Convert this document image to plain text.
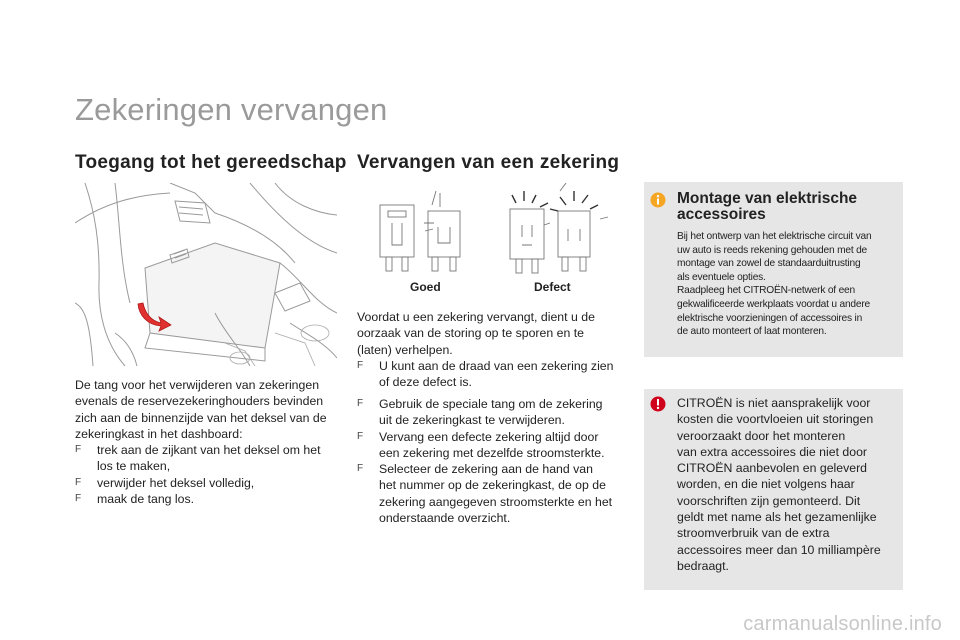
Zekeringen vervangen
Toegang tot het gereedschap
De tang voor het verwijderen van zekeringen
evenals de reservezekeringhouders bevinden
zich aan de binnenzijde van het deksel van de
zekeringkast in het dashboard:
F trek aan de zijkant van het deksel om het
los te maken,
F verwijder het deksel volledig,
F maak de tang los.
Vervangen van een zekering
Goed	Defect
Voordat u een zekering vervangt, dient u de
oorzaak van de storing op te sporen en te
(laten) verhelpen.
F U kunt aan de draad van een zekering zien
of deze defect is.
F Gebruik de speciale tang om de zekering
uit de zekeringkast te verwijderen.
F Vervang een defecte zekering altijd door
een zekering met dezelfde stroomsterkte.
F Selecteer de zekering aan de hand van
het nummer op de zekeringkast, de op de
zekering aangegeven stroomsterkte en het
onderstaande overzicht.
Montage van elektrische
accessoires
Bij het ontwerp van het elektrische circuit van
uw auto is reeds rekening gehouden met de
montage van zowel de standaarduitrusting
als eventuele opties.
Raadpleeg het CITROËN-netwerk of een
gekwalificeerde werkplaats voordat u andere
elektrische voorzieningen of accessoires in
de auto monteert of laat monteren.
CITROËN is niet aansprakelijk voor
kosten die voortvloeien uit storingen
veroorzaakt door het monteren
van extra accessoires die niet door
CITROËN aanbevolen en geleverd
worden, en die niet volgens haar
voorschriften zijn gemonteerd. Dit
geldt met name als het gezamenlijke
stroomverbruik van de extra
accessoires meer dan 10 milliampère
bedraagt.
carmanualsonline.info
